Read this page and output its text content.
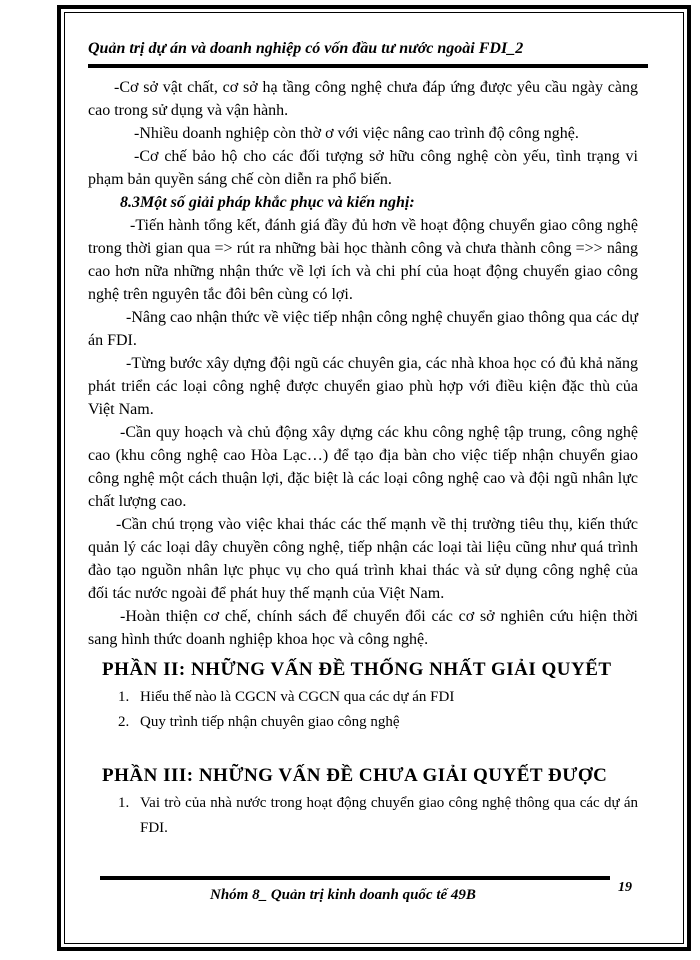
Quản trị dự án và doanh nghiệp có vốn đầu tư nước ngoài FDI_2

-Cơ sở vật chất, cơ sở hạ tầng công nghệ chưa đáp ứng được yêu cầu ngày càng cao trong sử dụng và vận hành.

-Nhiều doanh nghiệp còn thờ ơ với việc nâng cao trình độ công nghệ.

-Cơ chế bảo hộ cho các đối tượng sở hữu công nghệ còn yếu, tình trạng vi phạm bản quyền sáng chế còn diễn ra phổ biến.

8.3Một số giải pháp khắc phục và kiến nghị:

-Tiến hành tổng kết, đánh giá đầy đủ hơn về hoạt động chuyển giao công nghệ trong thời gian qua => rút ra những bài học thành công và chưa thành công =>> nâng cao hơn nữa những nhận thức về lợi ích và chi phí của hoạt động chuyển giao công nghệ trên nguyên tắc đôi bên cùng có lợi.

-Nâng cao nhận thức về việc tiếp nhận công nghệ chuyển giao thông qua các dự án FDI.

-Từng bước xây dựng đội ngũ các chuyên gia, các nhà khoa học có đủ khả năng phát triển các loại công nghệ được chuyển giao phù hợp với điều kiện đặc thù của Việt Nam.

-Cần quy hoạch và chủ động xây dựng các khu công nghệ tập trung, công nghệ cao (khu công nghệ cao Hòa Lạc…) để tạo địa bàn cho việc tiếp nhận chuyển giao công nghệ một cách thuận lợi, đặc biệt là các loại công nghệ cao và đội ngũ nhân lực chất lượng cao.

-Cần chú trọng vào việc khai thác các thế mạnh về thị trường tiêu thụ, kiến thức quản lý các loại dây chuyền công nghệ, tiếp nhận các loại tài liệu cũng như quá trình đào tạo nguồn nhân lực phục vụ cho quá trình khai thác và sử dụng công nghệ của đối tác nước ngoài để phát huy thế mạnh của Việt Nam.

-Hoàn thiện cơ chế, chính sách để chuyển đổi các cơ sở nghiên cứu hiện thời sang hình thức doanh nghiệp khoa học và công nghệ.

PHẦN II: NHỮNG VẤN ĐỀ THỐNG NHẤT GIẢI QUYẾT
1. Hiểu thế nào là CGCN và CGCN qua các dự án FDI
2. Quy trình tiếp nhận chuyên giao công nghệ
PHẦN III: NHỮNG VẤN ĐỀ CHƯA GIẢI QUYẾT ĐƯỢC
1. Vai trò của nhà nước trong hoạt động chuyển giao công nghệ thông qua các dự án FDI.
Nhóm 8_ Quản trị kinh doanh quốc tế 49B	19
